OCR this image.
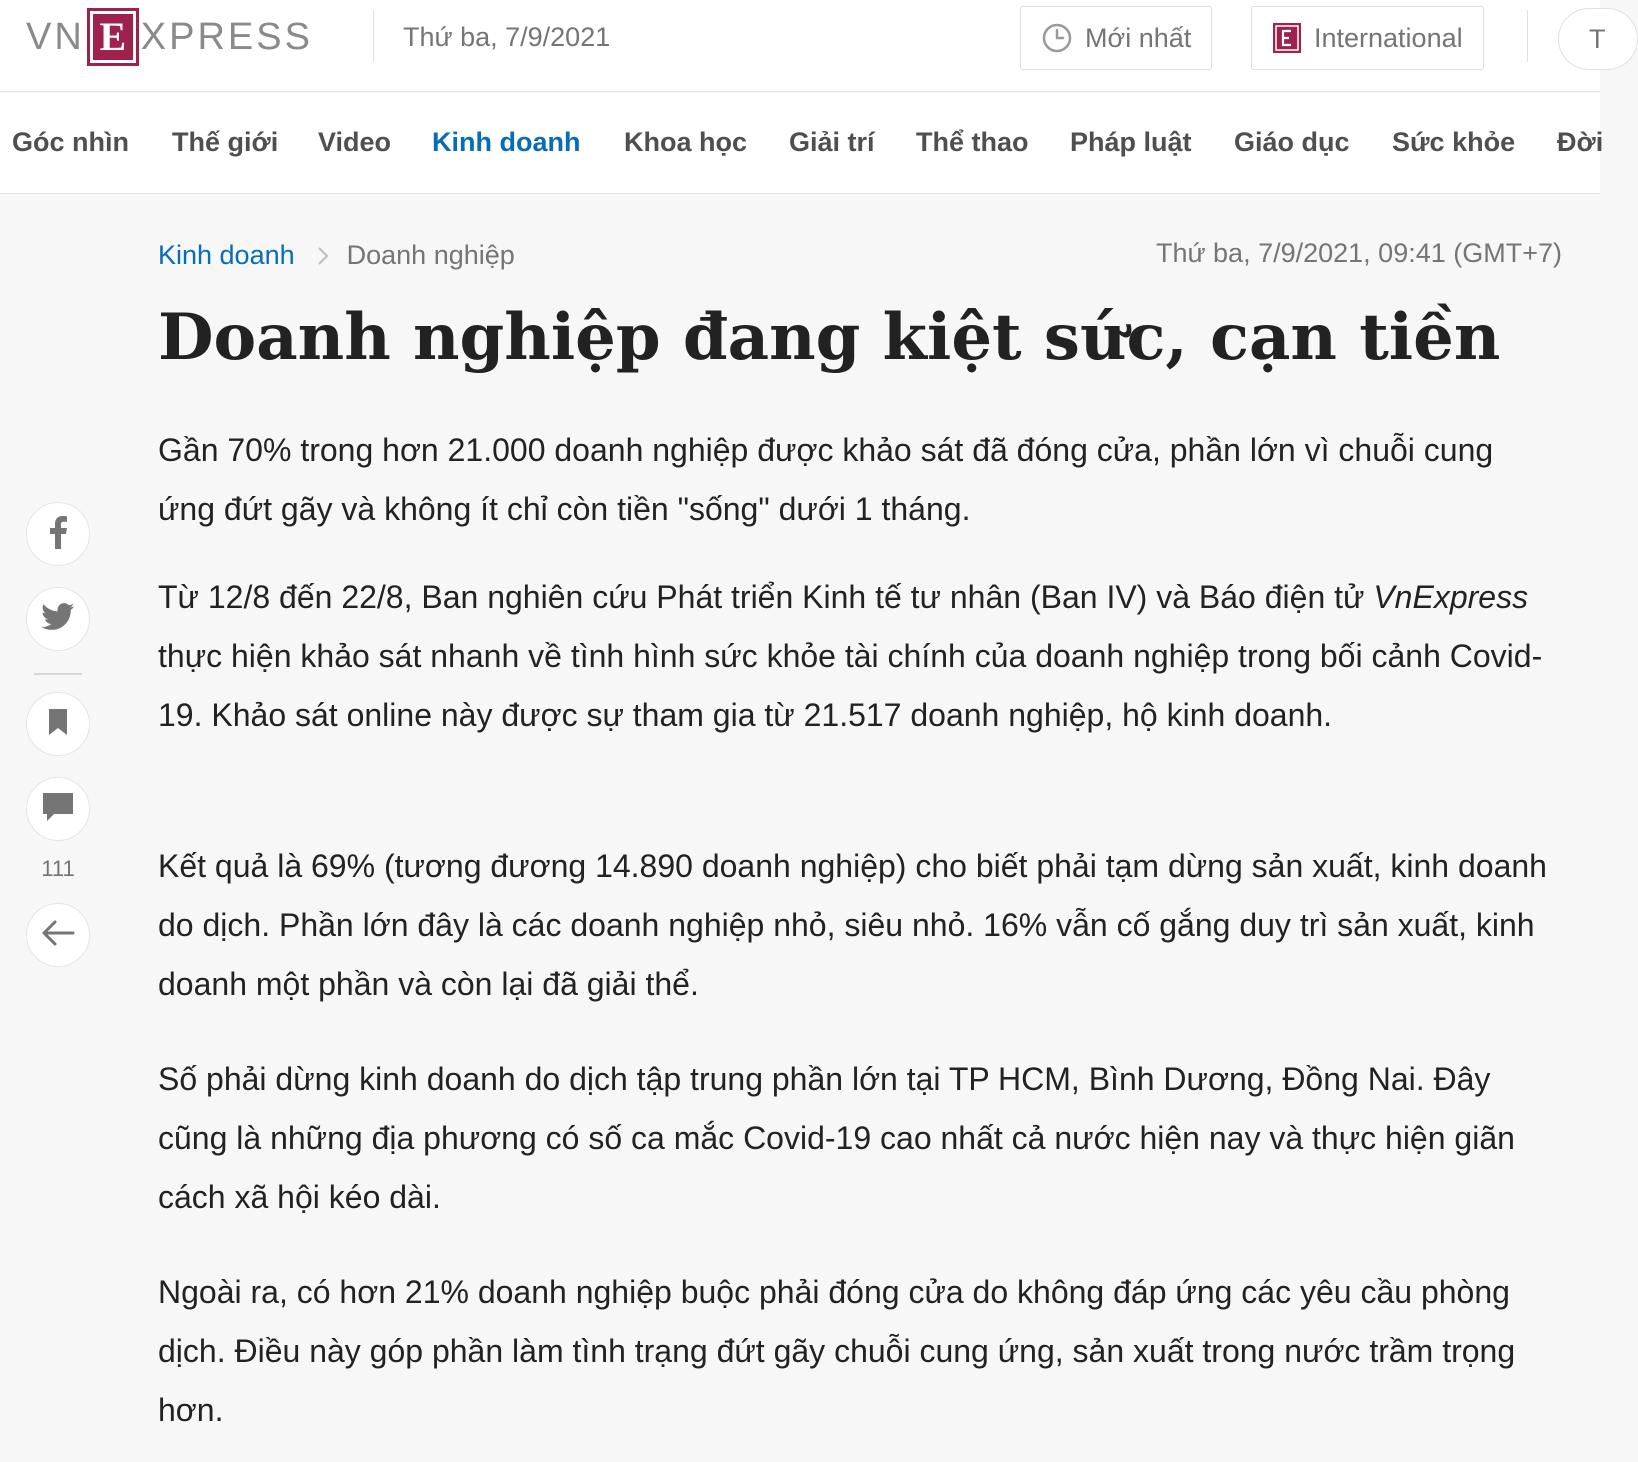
VN E XPRESS	Thứ ba, 7/9/2021	Mới nhất	International	T
Góc nhìn Thế giới Video Kinh doanh Khoa học Giải trí Thể thao Pháp luật Giáo dục Sức khỏe Đời
111
Kinh doanh Doanh nghiệp	Thứ ba, 7/9/2021, 09:41 (GMT+7)
Doanh nghiệp đang kiệt sức, cạn tiền

Gần 70% trong hơn 21.000 doanh nghiệp được khảo sát đã đóng cửa, phần lớn vì chuỗi cung ứng đứt gãy và không ít chỉ còn tiền "sống" dưới 1 tháng.

Từ 12/8 đến 22/8, Ban nghiên cứu Phát triển Kinh tế tư nhân (Ban IV) và Báo điện tử VnExpress thực hiện khảo sát nhanh về tình hình sức khỏe tài chính của doanh nghiệp trong bối cảnh Covid-19. Khảo sát online này được sự tham gia từ 21.517 doanh nghiệp, hộ kinh doanh.

Kết quả là 69% (tương đương 14.890 doanh nghiệp) cho biết phải tạm dừng sản xuất, kinh doanh do dịch. Phần lớn đây là các doanh nghiệp nhỏ, siêu nhỏ. 16% vẫn cố gắng duy trì sản xuất, kinh doanh một phần và còn lại đã giải thể.

Số phải dừng kinh doanh do dịch tập trung phần lớn tại TP HCM, Bình Dương, Đồng Nai. Đây cũng là những địa phương có số ca mắc Covid-19 cao nhất cả nước hiện nay và thực hiện giãn cách xã hội kéo dài.

Ngoài ra, có hơn 21% doanh nghiệp buộc phải đóng cửa do không đáp ứng các yêu cầu phòng dịch. Điều này góp phần làm tình trạng đứt gãy chuỗi cung ứng, sản xuất trong nước trầm trọng hơn.
